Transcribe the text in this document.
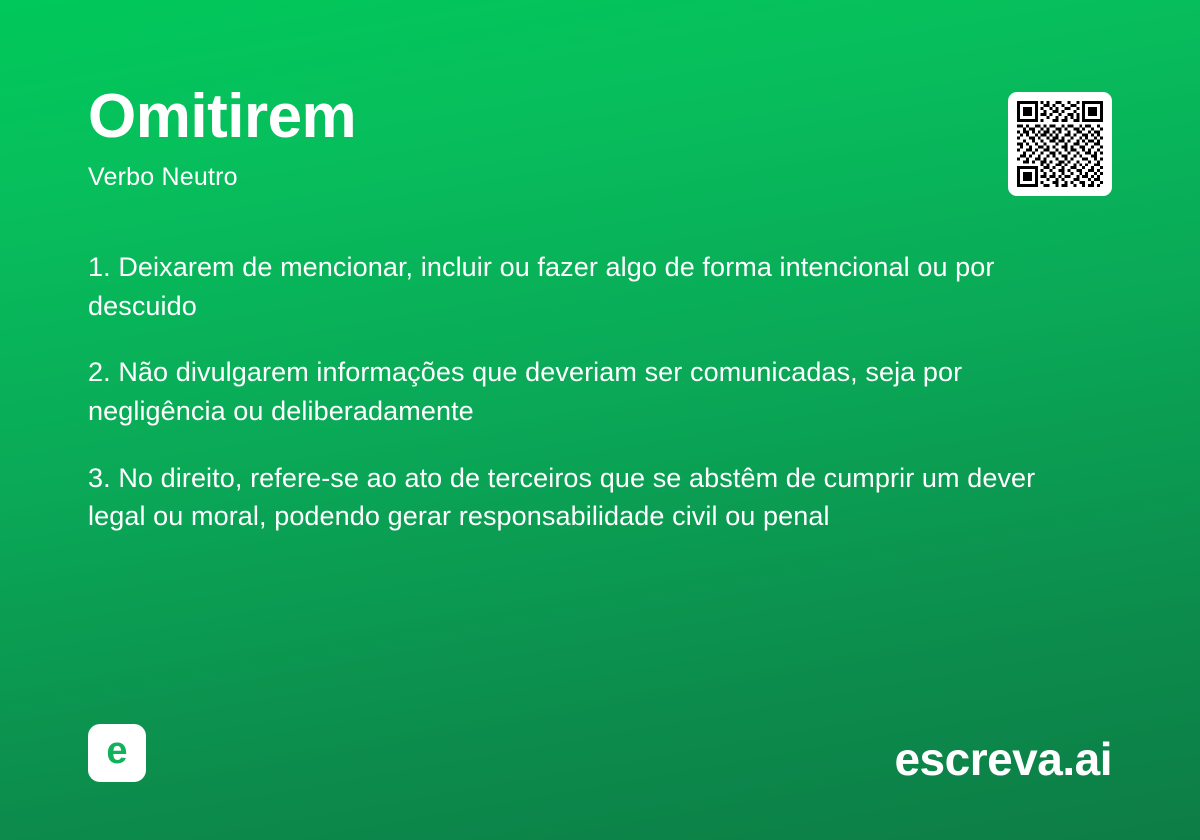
Omitirem
Verbo Neutro
1. Deixarem de mencionar, incluir ou fazer algo de forma intencional ou por descuido
2. Não divulgarem informações que deveriam ser comunicadas, seja por negligência ou deliberadamente
3. No direito, refere-se ao ato de terceiros que se abstêm de cumprir um dever legal ou moral, podendo gerar responsabilidade civil ou penal
e	escreva.ai
